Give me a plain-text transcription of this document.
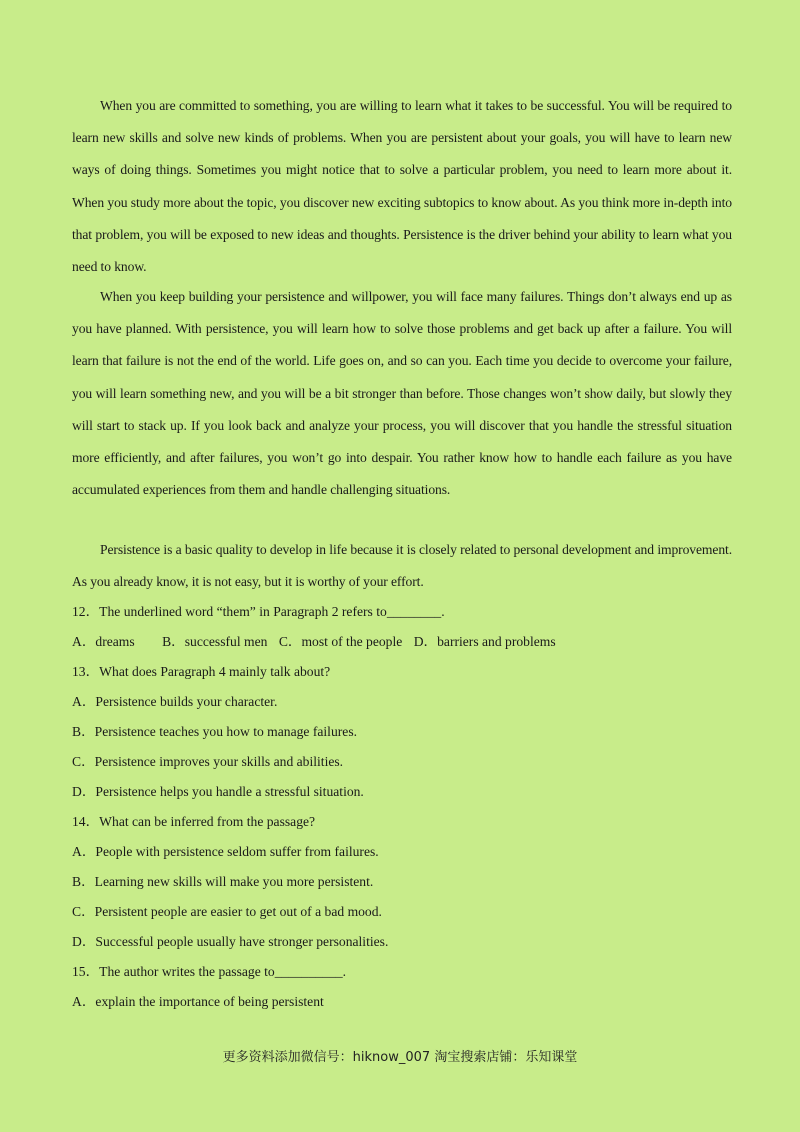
When you are committed to something, you are willing to learn what it takes to be successful. You will be required to learn new skills and solve new kinds of problems. When you are persistent about your goals, you will have to learn new ways of doing things. Sometimes you might notice that to solve a particular problem, you need to learn more about it. When you study more about the topic, you discover new exciting subtopics to know about. As you think more in-depth into that problem, you will be exposed to new ideas and thoughts. Persistence is the driver behind your ability to learn what you need to know.

When you keep building your persistence and willpower, you will face many failures. Things don’t always end up as you have planned. With persistence, you will learn how to solve those problems and get back up after a failure. You will learn that failure is not the end of the world. Life goes on, and so can you. Each time you decide to overcome your failure, you will learn something new, and you will be a bit stronger than before. Those changes won’t show daily, but slowly they will start to stack up. If you look back and analyze your process, you will discover that you handle the stressful situation more efficiently, and after failures, you won’t go into despair. You rather know how to handle each failure as you have accumulated experiences from them and handle challenging situations.

Persistence is a basic quality to develop in life because it is closely related to personal development and improvement. As you already know, it is not easy, but it is worthy of your effort.

12．The underlined word “them” in Paragraph 2 refers to________.

A．dreams B．successful men C．most of the people D．barriers and problems

13．What does Paragraph 4 mainly talk about?

A．Persistence builds your character.

B．Persistence teaches you how to manage failures.

C．Persistence improves your skills and abilities.

D．Persistence helps you handle a stressful situation.

14．What can be inferred from the passage?

A．People with persistence seldom suffer from failures.

B．Learning new skills will make you more persistent.

C．Persistent people are easier to get out of a bad mood.

D．Successful people usually have stronger personalities.

15．The author writes the passage to__________.

A．explain the importance of being persistent

更多资料添加微信号：hiknow_007 淘宝搜索店铺：乐知课堂
